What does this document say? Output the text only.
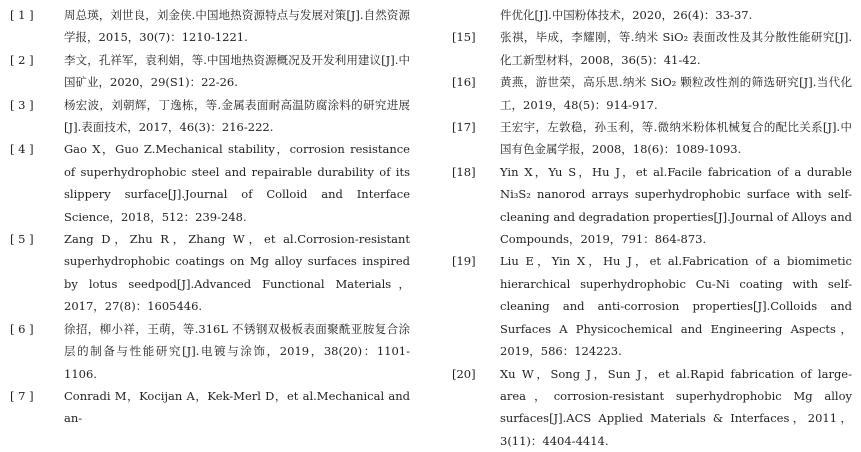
[ 1 ]	周总瑛，刘世良，刘金侠.中国地热资源特点与发展对策[J].自然资源学报，2015，30(7)：1210-1221.
[ 2 ]	李文，孔祥军，袁利娟，等.中国地热资源概况及开发利用建议[J].中国矿业，2020，29(S1)：22-26.
[ 3 ]	杨宏波，刘朝辉，丁逸栋，等.金属表面耐高温防腐涂料的研究进展[J].表面技术，2017，46(3)：216-222.
[ 4 ]	Gao X，Guo Z.Mechanical stability，corrosion resistance of superhydrophobic steel and repairable durability of its slippery surface[J].Journal of Colloid and Interface Science，2018，512：239-248.
[ 5 ]	Zang D，Zhu R，Zhang W，et al.Corrosion-resistant superhydrophobic coatings on Mg alloy surfaces inspired by lotus seedpod[J].Advanced Functional Materials，2017，27(8)：1605446.
[ 6 ]	徐招，柳小祥，王萌，等.316L 不锈钢双极板表面聚酰亚胺复合涂层的制备与性能研究[J].电镀与涂饰，2019，38(20)：1101-1106.
[ 7 ]	Conradi M，Kocijan A，Kek-Merl D，et al.Mechanical and an-
件优化[J].中国粉体技术，2020，26(4)：33-37.
[15]	张祺，毕成，李耀刚，等.纳米 SiO₂ 表面改性及其分散性能研究[J].化工新型材料，2008，36(5)：41-42.
[16]	黄燕，游世荣，高乐思.纳米 SiO₂ 颗粒改性剂的筛选研究[J].当代化工，2019，48(5)：914-917.
[17]	王宏宇，左敦稳，孙玉利，等.微纳米粉体机械复合的配比关系[J].中国有色金属学报，2008，18(6)：1089-1093.
[18]	Yin X，Yu S，Hu J，et al.Facile fabrication of a durable Ni₃S₂ nanorod arrays superhydrophobic surface with self-cleaning and degradation properties[J].Journal of Alloys and Compounds，2019，791：864-873.
[19]	Liu E，Yin X，Hu J，et al.Fabrication of a biomimetic hierarchical superhydrophobic Cu-Ni coating with self-cleaning and anti-corrosion properties[J].Colloids and Surfaces A Physicochemical and Engineering Aspects，2019，586：124223.
[20]	Xu W，Song J，Sun J，et al.Rapid fabrication of large-area，corrosion-resistant superhydrophobic Mg alloy surfaces[J].ACS Applied Materials & Interfaces，2011，3(11)：4404-4414.
